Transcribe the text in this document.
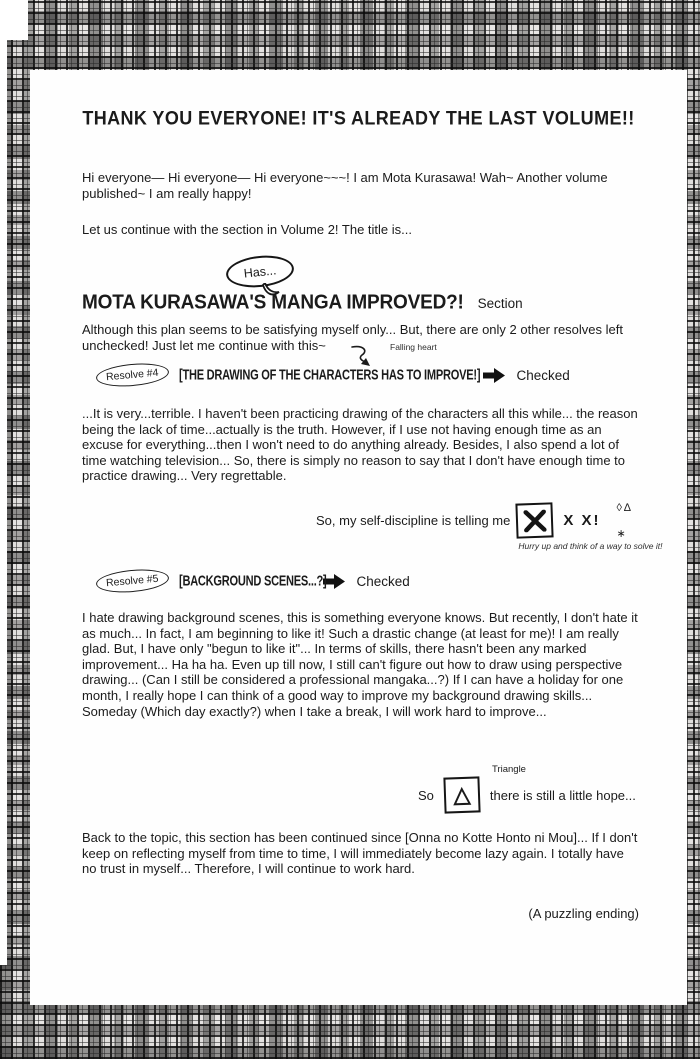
THANK YOU EVERYONE! IT'S ALREADY THE LAST VOLUME!!
Hi everyone— Hi everyone— Hi everyone~~~! I am Mota Kurasawa! Wah~ Another volume published~ I am really happy!
Let us continue with the section in Volume 2! The title is...
Has...
MOTA KURASAWA'S MANGA IMPROVED?! Section
Although this plan seems to be satisfying myself only... But, there are only 2 other resolves left unchecked! Just let me continue with this~	Falling heart
Resolve #4	[THE DRAWING OF THE CHARACTERS HAS TO IMPROVE!]	Checked
...It is very...terrible. I haven't been practicing drawing of the characters all this while... the reason being the lack of time...actually is the truth. However, if I use not having enough time as an excuse for everything...then I won't need to do anything already. Besides, I also spend a lot of time watching television... So, there is simply no reason to say that I don't have enough time to practice drawing... Very regrettable.
So, my self-discipline is telling me
Hurry up and think of a way to solve it!
X X!
◊∆
∗
Resolve #5	[BACKGROUND SCENES...?] Checked
I hate drawing background scenes, this is something everyone knows. But recently, I don't hate it as much... In fact, I am beginning to like it! Such a drastic change (at least for me)! I am really glad. But, I have only "begun to like it"... In terms of skills, there hasn't been any marked improvement... Ha ha ha. Even up till now, I still can't figure out how to draw using perspective drawing... (Can I still be considered a professional mangaka...?) If I can have a holiday for one month, I really hope I can think of a good way to improve my background drawing skills... Someday (Which day exactly?) when I take a break, I will work hard to improve...
Triangle
So △ there is still a little hope...
Back to the topic, this section has been continued since [Onna no Kotte Honto ni Mou]... If I don't keep on reflecting myself from time to time, I will immediately become lazy again. I totally have no trust in myself... Therefore, I will continue to work hard.
(A puzzling ending)
